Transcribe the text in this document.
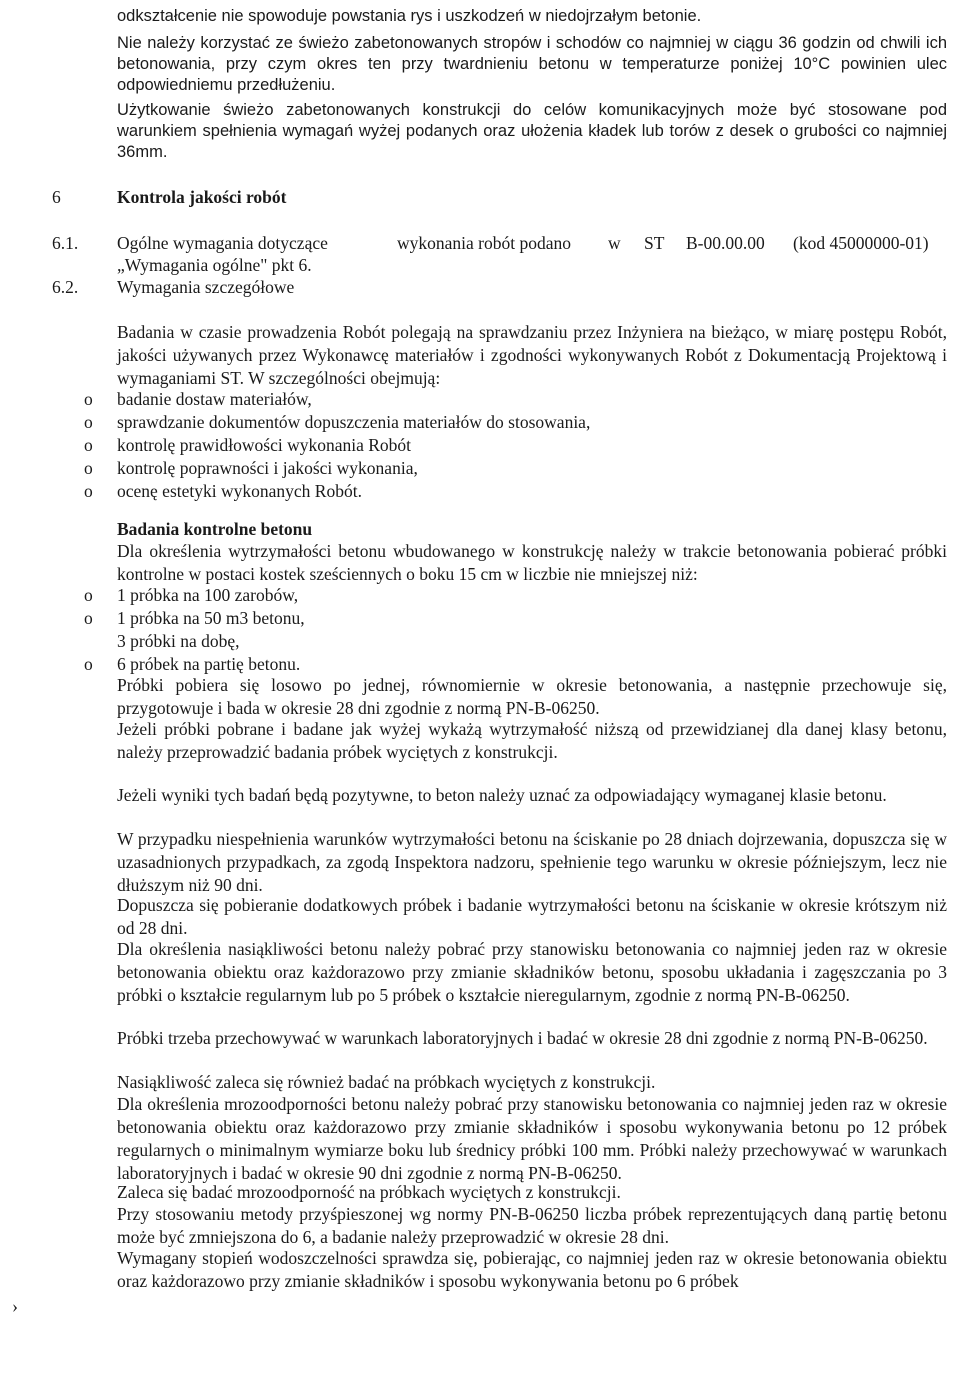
odkształcenie nie spowoduje powstania rys i uszkodzeń w niedojrzałym betonie.
Nie należy korzystać ze świeżo zabetonowanych stropów i schodów co najmniej w ciągu 36 godzin od chwili ich betonowania, przy czym okres ten przy twardnieniu betonu w temperaturze poniżej 10°C powinien ulec odpowiedniemu przedłużeniu.
Użytkowanie świeżo zabetonowanych konstrukcji do celów komunikacyjnych może być stosowane pod warunkiem spełnienia wymagań wyżej podanych oraz ułożenia kładek lub torów z desek o grubości co najmniej 36mm.
6	Kontrola jakości robót
6.1. Ogólne wymagania dotyczące	wykonania robót podano w ST B-00.00.00 (kod 45000000-01)
„Wymagania ogólne" pkt 6.
6.2. Wymagania szczegółowe
Badania w czasie prowadzenia Robót polegają na sprawdzaniu przez Inżyniera na bieżąco, w miarę postępu Robót, jakości używanych przez Wykonawcę materiałów i zgodności wykonywanych Robót z Dokumentacją Projektową i wymaganiami ST. W szczególności obejmują:
o badanie dostaw materiałów,
o sprawdzanie dokumentów dopuszczenia materiałów do stosowania,
o kontrolę prawidłowości wykonania Robót
o kontrolę poprawności i jakości wykonania,
o ocenę estetyki wykonanych Robót.
Badania kontrolne betonu
Dla określenia wytrzymałości betonu wbudowanego w konstrukcję należy w trakcie betonowania pobierać próbki kontrolne w postaci kostek sześciennych o boku 15 cm w liczbie nie mniejszej niż:
o 1 próbka na 100 zarobów,
o 1 próbka na 50 m3 betonu,
3 próbki na dobę,
o 6 próbek na partię betonu.
Próbki pobiera się losowo po jednej, równomiernie w okresie betonowania, a następnie przechowuje się, przygotowuje i bada w okresie 28 dni zgodnie z normą PN-B-06250.
Jeżeli próbki pobrane i badane jak wyżej wykażą wytrzymałość niższą od przewidzianej dla danej klasy betonu, należy przeprowadzić badania próbek wyciętych z konstrukcji.
Jeżeli wyniki tych badań będą pozytywne, to beton należy uznać za odpowiadający wymaganej klasie betonu.
W przypadku niespełnienia warunków wytrzymałości betonu na ściskanie po 28 dniach dojrzewania, dopuszcza się w uzasadnionych przypadkach, za zgodą Inspektora nadzoru, spełnienie tego warunku w okresie późniejszym, lecz nie dłuższym niż 90 dni.
Dopuszcza się pobieranie dodatkowych próbek i badanie wytrzymałości betonu na ściskanie w okresie krótszym niż od 28 dni.
Dla określenia nasiąkliwości betonu należy pobrać przy stanowisku betonowania co najmniej jeden raz w okresie betonowania obiektu oraz każdorazowo przy zmianie składników betonu, sposobu układania i zagęszczania po 3 próbki o kształcie regularnym lub po 5 próbek o kształcie nieregularnym, zgodnie z normą PN-B-06250.
Próbki trzeba przechowywać w warunkach laboratoryjnych i badać w okresie 28 dni zgodnie z normą PN-B-06250.
Nasiąkliwość zaleca się również badać na próbkach wyciętych z konstrukcji.
Dla określenia mrozoodporności betonu należy pobrać przy stanowisku betonowania co najmniej jeden raz w okresie betonowania obiektu oraz każdorazowo przy zmianie składników i sposobu wykonywania betonu po 12 próbek regularnych o minimalnym wymiarze boku lub średnicy próbki 100 mm. Próbki należy przechowywać w warunkach laboratoryjnych i badać w okresie 90 dni zgodnie z normą PN-B-06250.
Zaleca się badać mrozoodporność na próbkach wyciętych z konstrukcji.
Przy stosowaniu metody przyśpieszonej wg normy PN-B-06250 liczba próbek reprezentujących daną partię betonu może być zmniejszona do 6, a badanie należy przeprowadzić w okresie 28 dni.
Wymagany stopień wodoszczelności sprawdza się, pobierając, co najmniej jeden raz w okresie betonowania obiektu oraz każdorazowo przy zmianie składników i sposobu wykonywania betonu po 6 próbek
›
